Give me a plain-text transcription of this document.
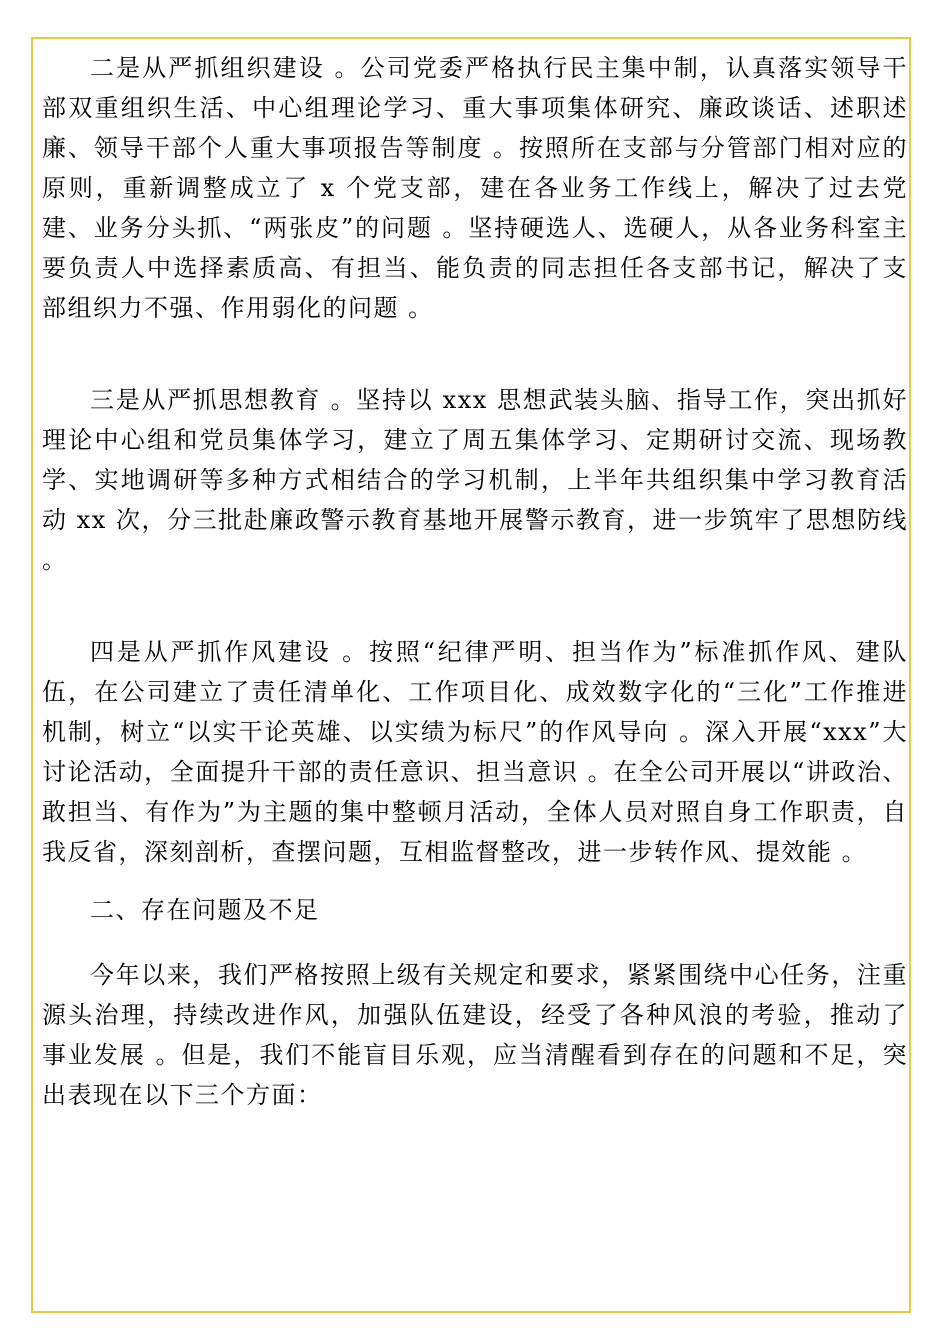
二是从严抓组织建设 。公司党委严格执行民主集中制，认真落实领导干部双重组织生活、中心组理论学习、重大事项集体研究、廉政谈话、述职述廉、领导干部个人重大事项报告等制度 。按照所在支部与分管部门相对应的原则，重新调整成立了 x 个党支部，建在各业务工作线上，解决了过去党建、业务分头抓、“两张皮”的问题 。坚持硬选人、选硬人，从各业务科室主要负责人中选择素质高、有担当、能负责的同志担任各支部书记，解决了支部组织力不强、作用弱化的问题 。

三是从严抓思想教育 。坚持以 xxx 思想武装头脑、指导工作，突出抓好理论中心组和党员集体学习，建立了周五集体学习、定期研讨交流、现场教学、实地调研等多种方式相结合的学习机制，上半年共组织集中学习教育活动 xx 次，分三批赴廉政警示教育基地开展警示教育，进一步筑牢了思想防线 。

四是从严抓作风建设 。按照“纪律严明、担当作为”标准抓作风、建队伍，在公司建立了责任清单化、工作项目化、成效数字化的“三化”工作推进机制，树立“以实干论英雄、以实绩为标尺”的作风导向 。深入开展“xxx”大讨论活动，全面提升干部的责任意识、担当意识 。在全公司开展以“讲政治、敢担当、有作为”为主题的集中整顿月活动，全体人员对照自身工作职责，自我反省，深刻剖析，查摆问题，互相监督整改，进一步转作风、提效能 。

二、存在问题及不足

今年以来，我们严格按照上级有关规定和要求，紧紧围绕中心任务，注重源头治理，持续改进作风，加强队伍建设，经受了各种风浪的考验，推动了事业发展 。但是，我们不能盲目乐观，应当清醒看到存在的问题和不足，突出表现在以下三个方面：
